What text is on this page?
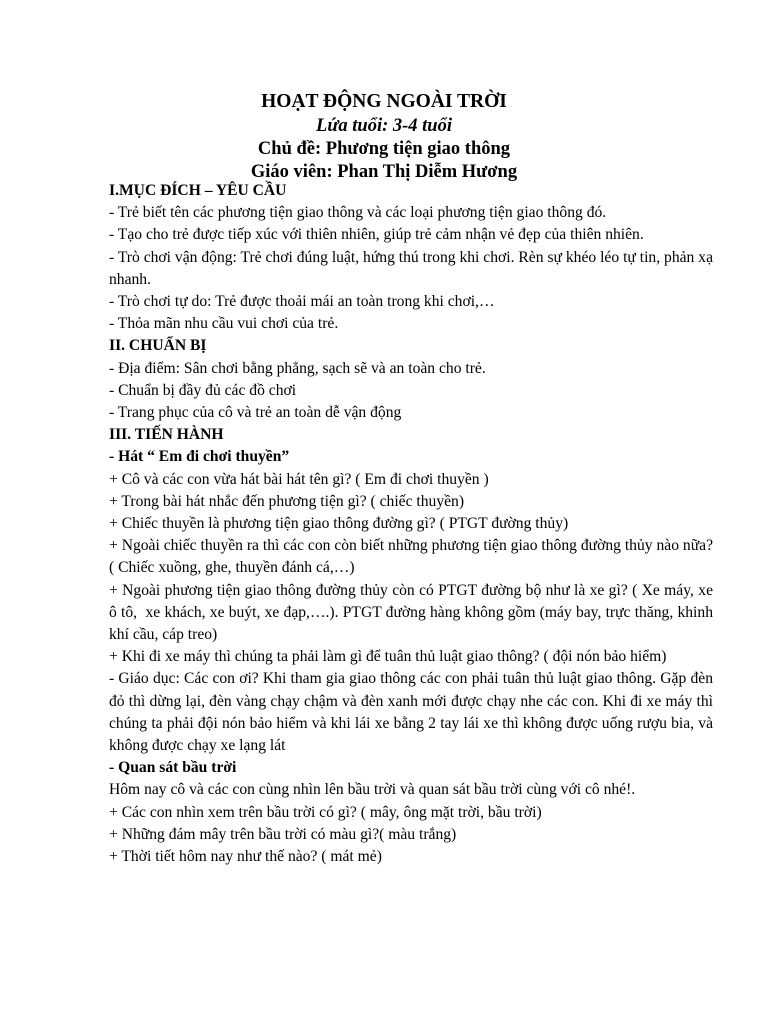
HOẠT ĐỘNG NGOÀI TRỜI

Lứa tuổi: 3-4 tuổi

Chủ đề: Phương tiện giao thông

Giáo viên: Phan Thị Diễm Hương

I.MỤC ĐÍCH – YÊU CẦU

- Trẻ biết tên các phương tiện giao thông và các loại phương tiện giao thông đó.

- Tạo cho trẻ được tiếp xúc với thiên nhiên, giúp trẻ cảm nhận vẻ đẹp của thiên nhiên.

- Trò chơi vận động: Trẻ chơi đúng luật, hứng thú trong khi chơi. Rèn sự khéo léo tự tin, phản xạ nhanh.

- Trò chơi tự do: Trẻ được thoải mái an toàn trong khi chơi,…

- Thỏa mãn nhu cầu vui chơi của trẻ.

II. CHUẨN BỊ

- Địa điểm: Sân chơi bằng phẳng, sạch sẽ và an toàn cho trẻ.

- Chuẩn bị đầy đủ các đồ chơi

- Trang phục của cô và trẻ an toàn dễ vận động

III. TIẾN HÀNH

- Hát “ Em đi chơi thuyền”

+ Cô và các con vừa hát bài hát tên gì? ( Em đi chơi thuyền )

+ Trong bài hát nhắc đến phương tiện gì? ( chiếc thuyền)

+ Chiếc thuyền là phương tiện giao thông đường gì? ( PTGT đường thủy)

+ Ngoài chiếc thuyền ra thì các con còn biết những phương tiện giao thông đường thủy nào nữa? ( Chiếc xuồng, ghe, thuyền đánh cá,…)

+ Ngoài phương tiện giao thông đường thủy còn có PTGT đường bộ như là xe gì? ( Xe máy, xe ô tô,  xe khách, xe buýt, xe đạp,….). PTGT đường hàng không gồm (máy bay, trực thăng, khinh khí cầu, cáp treo)

+ Khi đi xe máy thì chúng ta phải làm gì để tuân thủ luật giao thông? ( đội nón bảo hiểm)

- Giáo dục: Các con ơi? Khi tham gia giao thông các con phải tuân thủ luật giao thông. Gặp đèn đỏ thì dừng lại, đèn vàng chạy chậm và đèn xanh mới được chạy nhe các con. Khi đi xe máy thì chúng ta phải đội nón bảo hiểm và khi lái xe bằng 2 tay lái xe thì không được uống rượu bia, và không được chạy xe lạng lát

- Quan sát bầu trời

Hôm nay cô và các con cùng nhìn lên bầu trời và quan sát bầu trời cùng với cô nhé!.

+ Các con nhìn xem trên bầu trời có gì? ( mây, ông mặt trời, bầu trời)

+ Những đám mây trên bầu trời có màu gì?( màu trắng)

+ Thời tiết hôm nay như thế nào? ( mát mẻ)
